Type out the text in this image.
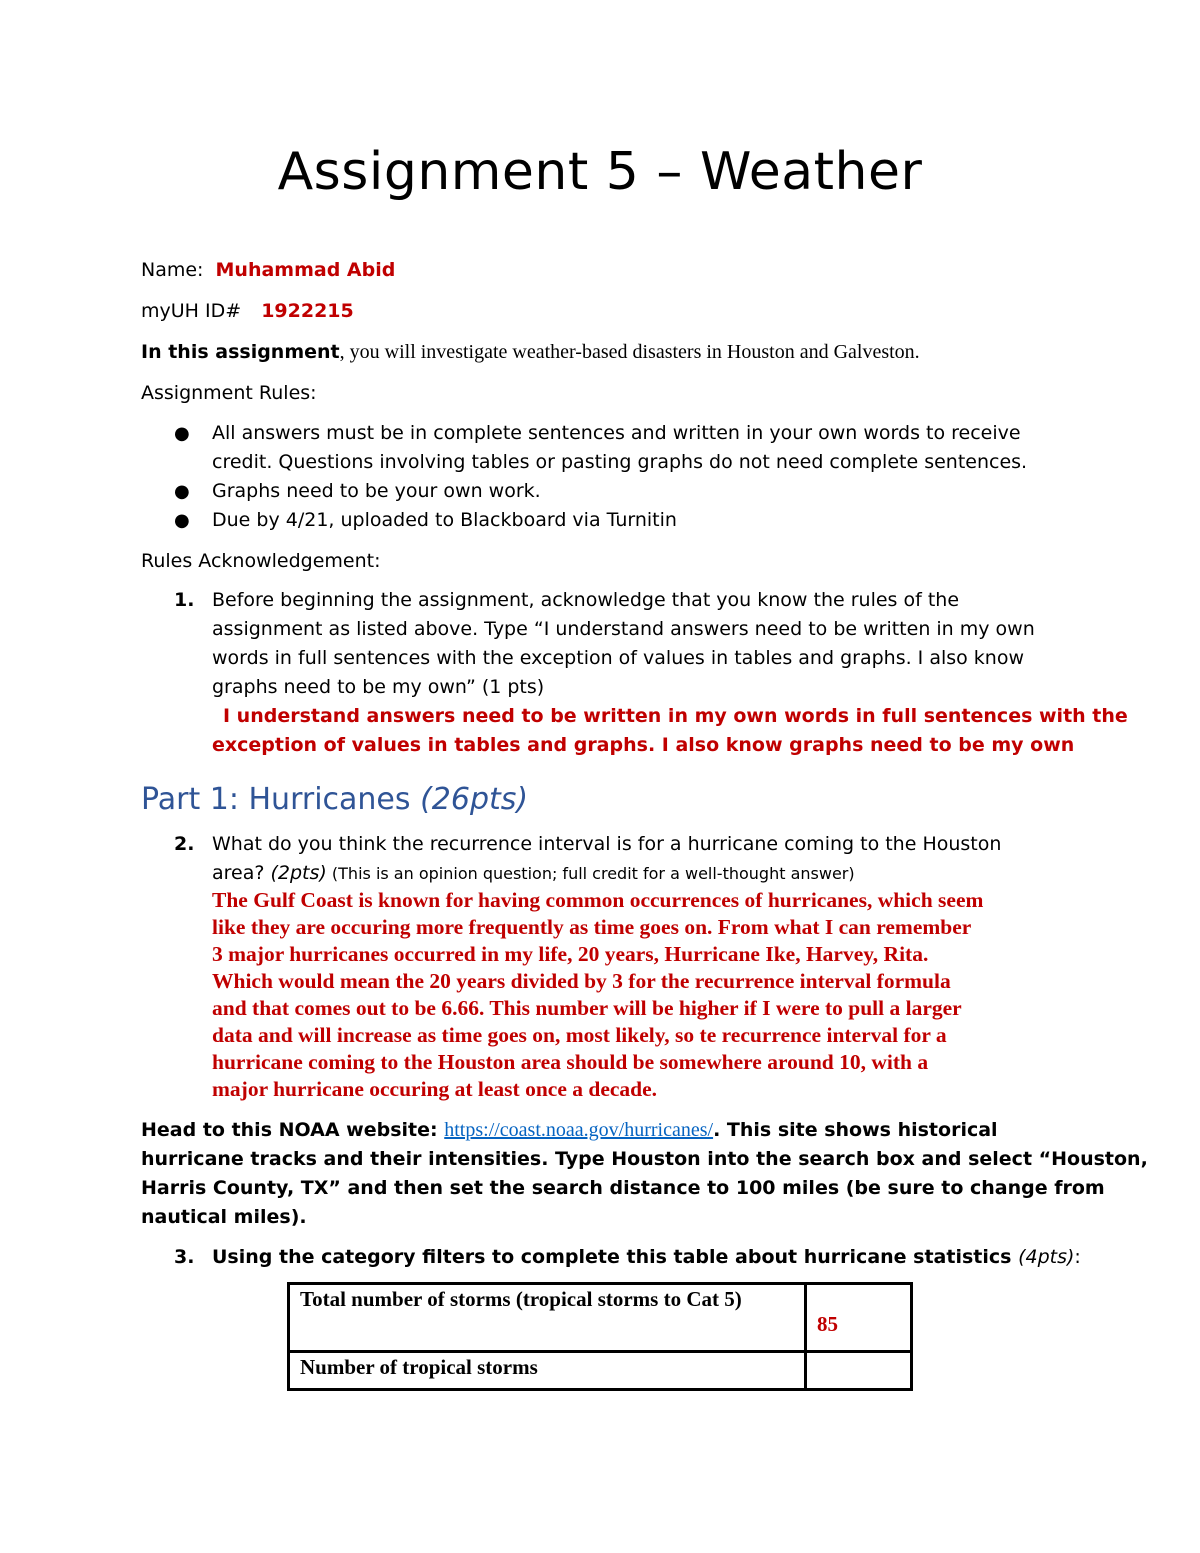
Assignment 5 – Weather
Name: Muhammad Abid
myUH ID# 1922215
In this assignment, you will investigate weather-based disasters in Houston and Galveston.
Assignment Rules:
● All answers must be in complete sentences and written in your own words to receive
credit. Questions involving tables or pasting graphs do not need complete sentences.
● Graphs need to be your own work.
● Due by 4/21, uploaded to Blackboard via Turnitin
Rules Acknowledgement:
1. Before beginning the assignment, acknowledge that you know the rules of the
assignment as listed above. Type “I understand answers need to be written in my own
words in full sentences with the exception of values in tables and graphs. I also know
graphs need to be my own” (1 pts)
I understand answers need to be written in my own words in full sentences with the
exception of values in tables and graphs. I also know graphs need to be my own
Part 1: Hurricanes (26pts)
2. What do you think the recurrence interval is for a hurricane coming to the Houston
area? (2pts) (This is an opinion question; full credit for a well-thought answer)
The Gulf Coast is known for having common occurrences of hurricanes, which seem
like they are occuring more frequently as time goes on. From what I can remember
3 major hurricanes occurred in my life, 20 years, Hurricane Ike, Harvey, Rita.
Which would mean the 20 years divided by 3 for the recurrence interval formula
and that comes out to be 6.66. This number will be higher if I were to pull a larger
data and will increase as time goes on, most likely, so te recurrence interval for a
hurricane coming to the Houston area should be somewhere around 10, with a
major hurricane occuring at least once a decade.
Head to this NOAA website: https://coast.noaa.gov/hurricanes/. This site shows historical
hurricane tracks and their intensities. Type Houston into the search box and select “Houston,
Harris County, TX” and then set the search distance to 100 miles (be sure to change from
nautical miles).
3. Using the category filters to complete this table about hurricane statistics (4pts):
Total number of storms (tropical storms to Cat 5)	85
Number of tropical storms	
